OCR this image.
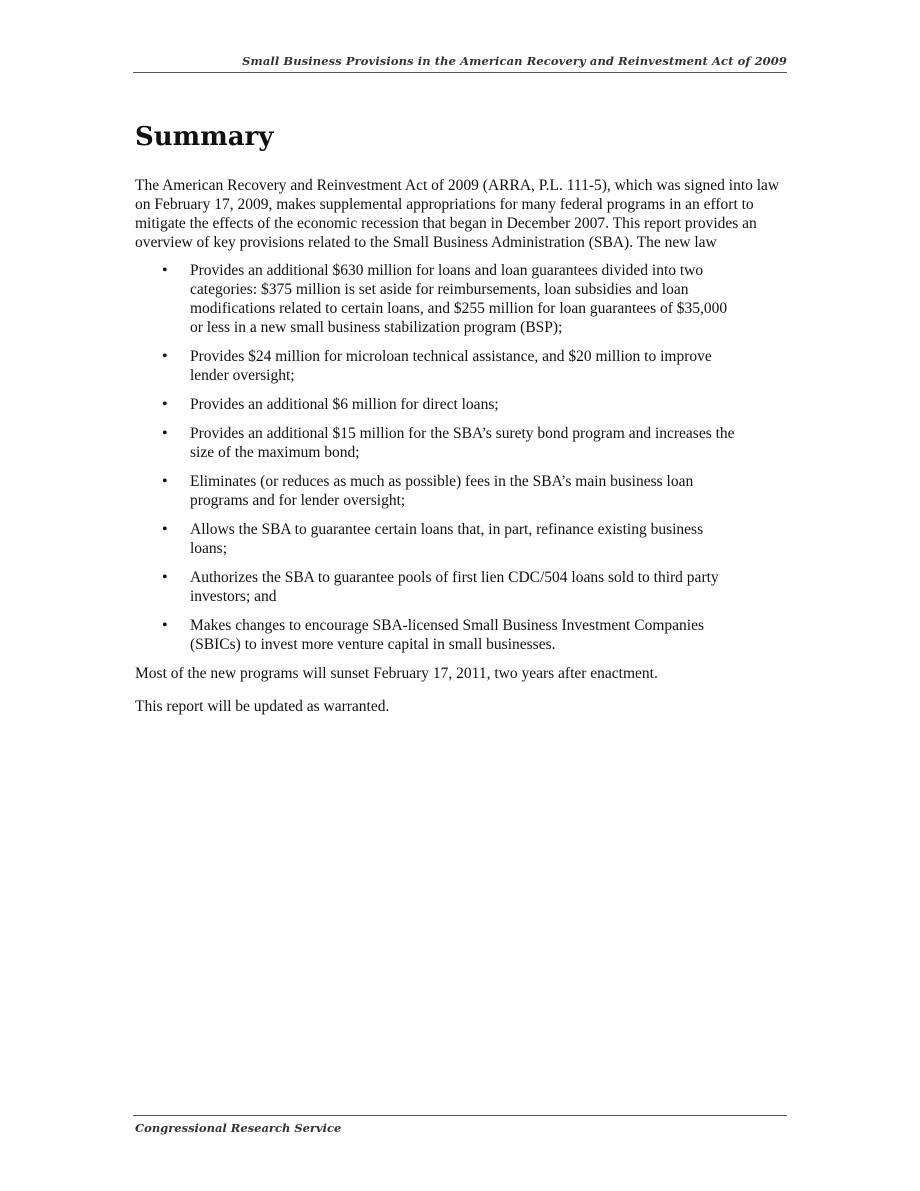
Small Business Provisions in the American Recovery and Reinvestment Act of 2009
Summary

The American Recovery and Reinvestment Act of 2009 (ARRA, P.L. 111-5), which was signed into law on February 17, 2009, makes supplemental appropriations for many federal programs in an effort to mitigate the effects of the economic recession that began in December 2007. This report provides an overview of key provisions related to the Small Business Administration (SBA). The new law

• Provides an additional $630 million for loans and loan guarantees divided into two categories: $375 million is set aside for reimbursements, loan subsidies and loan modifications related to certain loans, and $255 million for loan guarantees of $35,000 or less in a new small business stabilization program (BSP);
• Provides $24 million for microloan technical assistance, and $20 million to improve lender oversight;
• Provides an additional $6 million for direct loans;
• Provides an additional $15 million for the SBA’s surety bond program and increases the size of the maximum bond;
• Eliminates (or reduces as much as possible) fees in the SBA’s main business loan programs and for lender oversight;
• Allows the SBA to guarantee certain loans that, in part, refinance existing business loans;
• Authorizes the SBA to guarantee pools of first lien CDC/504 loans sold to third party investors; and
• Makes changes to encourage SBA-licensed Small Business Investment Companies (SBICs) to invest more venture capital in small businesses.

Most of the new programs will sunset February 17, 2011, two years after enactment.

This report will be updated as warranted.

Congressional Research Service
